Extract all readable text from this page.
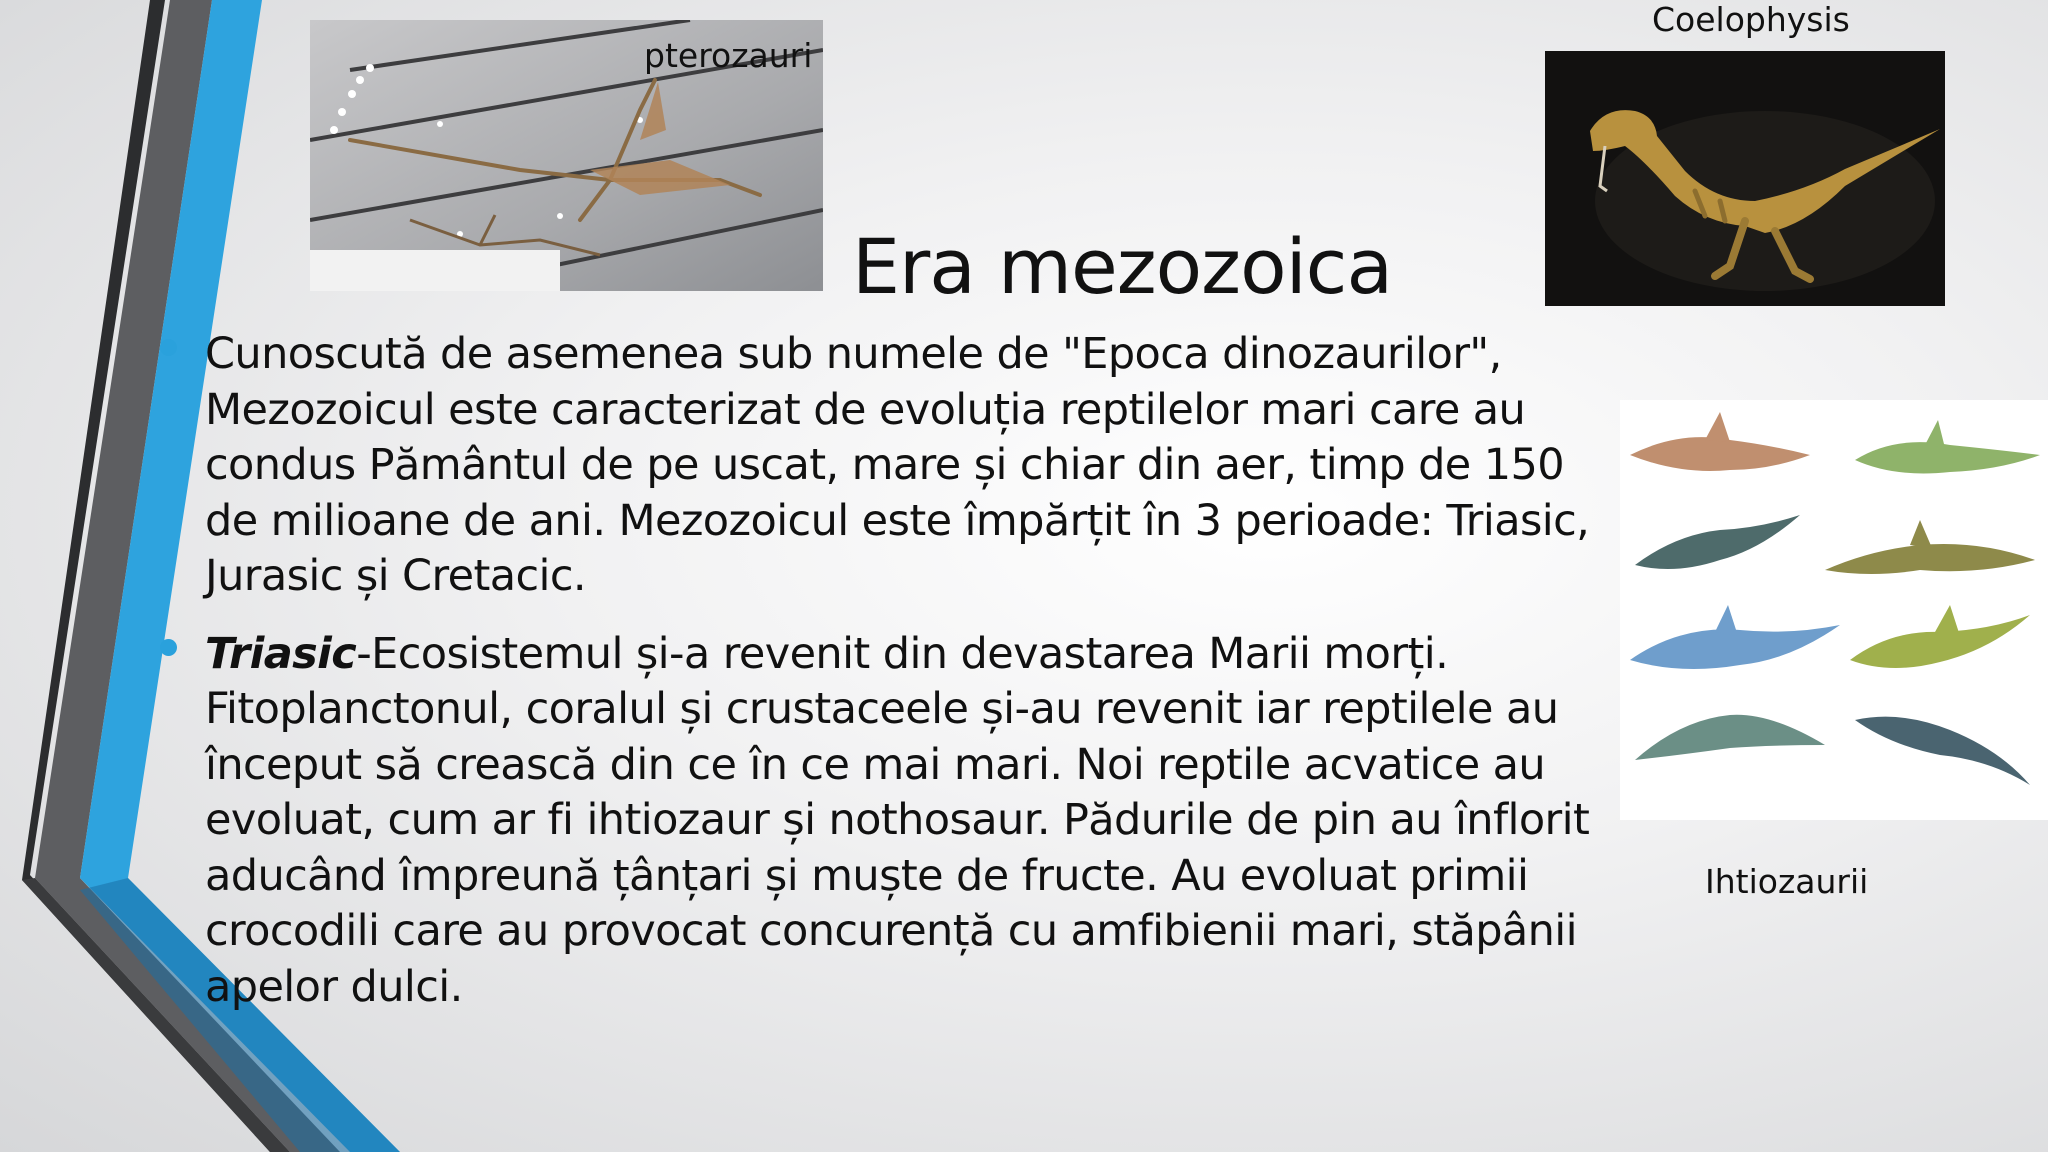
pterozauri
Coelophysis
Ihtiozaurii
Era mezozoica
Cunoscută de asemenea sub numele de "Epoca dinozaurilor", Mezozoicul este caracterizat de evoluția reptilelor mari care au condus Pământul de pe uscat, mare și chiar din aer, timp de 150 de milioane de ani. Mezozoicul este împărțit în 3 perioade: Triasic, Jurasic și Cretacic.
Triasic-Ecosistemul și-a revenit din devastarea Marii morți. Fitoplanctonul, coralul și crustaceele și-au revenit iar reptilele au început să crească din ce în ce mai mari. Noi reptile acvatice au evoluat, cum ar fi ihtiozaur și nothosaur. Pădurile de pin au înflorit aducând împreună țânțari și muște de fructe. Au evoluat primii crocodili care au provocat concurență cu amfibienii mari, stăpânii apelor dulci.
